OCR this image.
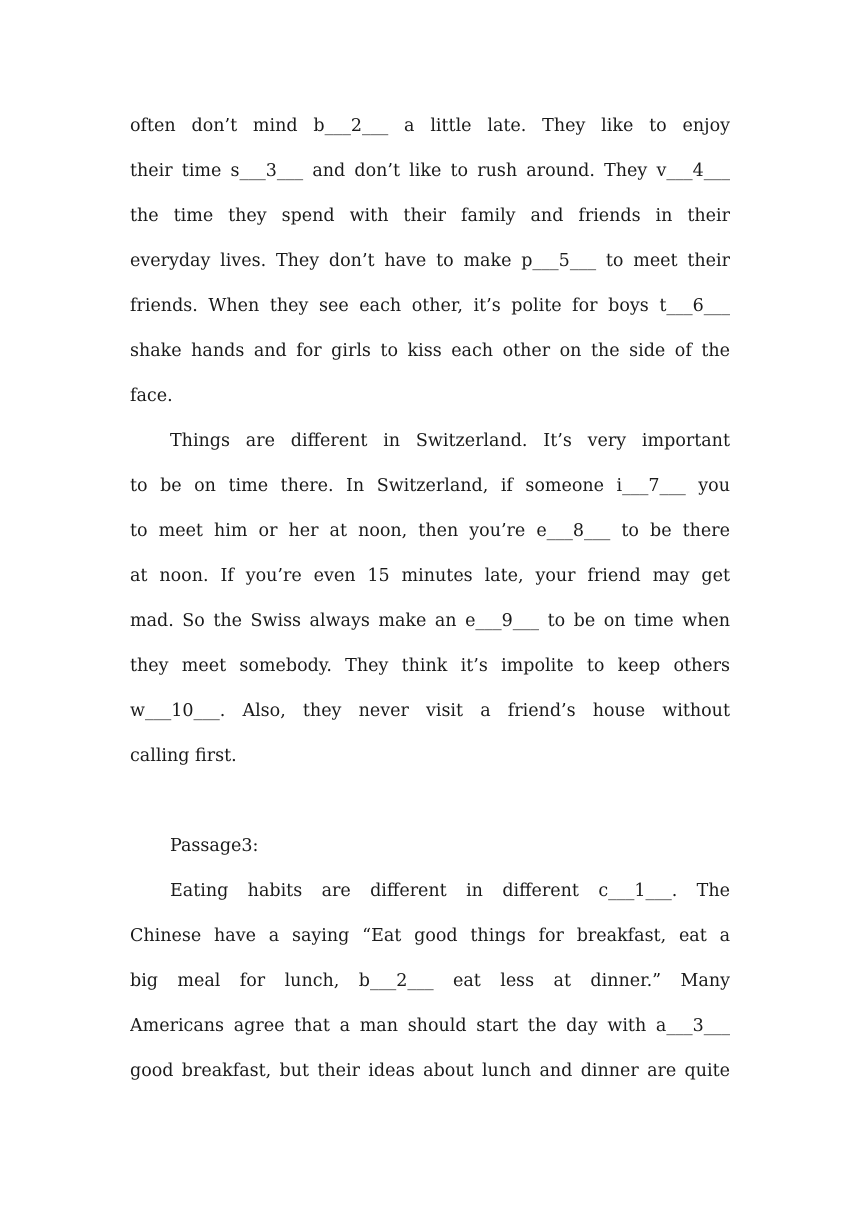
often don’t mind b___2___ a little late. They like to enjoy
their time s___3___ and don’t like to rush around. They v___4___
the time they spend with their family and friends in their
everyday lives. They don’t have to make p___5___ to meet their
friends. When they see each other, it’s polite for boys t___6___
shake hands and for girls to kiss each other on the side of the
face.
Things are different in Switzerland. It’s very important
to be on time there. In Switzerland, if someone i___7___ you
to meet him or her at noon, then you’re e___8___ to be there
at noon. If you’re even 15 minutes late, your friend may get
mad. So the Swiss always make an e___9___ to be on time when
they meet somebody. They think it’s impolite to keep others
w___10___. Also, they never visit a friend’s house without
calling first.
Passage3:
Eating habits are different in different c___1___. The
Chinese have a saying “Eat good things for breakfast, eat a
big meal for lunch, b___2___ eat less at dinner.” Many
Americans agree that a man should start the day with a___3___
good breakfast, but their ideas about lunch and dinner are quite
